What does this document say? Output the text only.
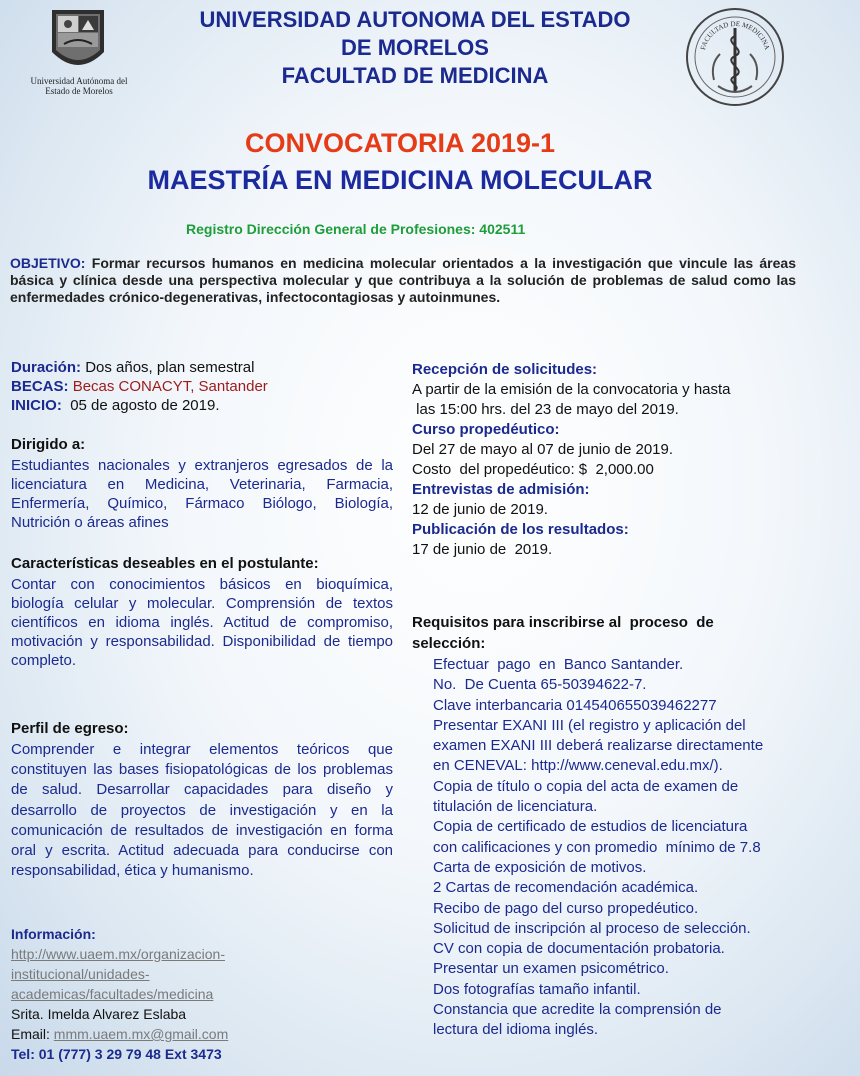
Universidad Autónoma del
Estado de Morelos
UNIVERSIDAD AUTONOMA DEL ESTADO
DE MORELOS
FACULTAD DE MEDICINA
FACULTAD DE MEDICINA
CONVOCATORIA 2019-1
MAESTRÍA EN MEDICINA MOLECULAR
Registro Dirección General de Profesiones: 402511
OBJETIVO: Formar recursos humanos en medicina molecular orientados a la investigación que vincule las áreas básica y clínica desde una perspectiva molecular y que contribuya a la solución de problemas de salud como las enfermedades crónico-degenerativas, infectocontagiosas y autoinmunes.
Duración: Dos años, plan semestral
BECAS: Becas CONACYT, Santander
INICIO: 05 de agosto de 2019.
Dirigido a:
Estudiantes nacionales y extranjeros egresados de la licenciatura en Medicina, Veterinaria, Farmacia, Enfermería, Químico, Fármaco Biólogo, Biología, Nutrición o áreas afines
Características deseables en el postulante:
Contar con conocimientos básicos en bioquímica, biología celular y molecular. Comprensión de textos científicos en idioma inglés. Actitud de compromiso, motivación y responsabilidad. Disponibilidad de tiempo completo.
Perfil de egreso:
Comprender e integrar elementos teóricos que constituyen las bases fisiopatológicas de los problemas de salud. Desarrollar capacidades para diseño y desarrollo de proyectos de investigación y en la comunicación de resultados de investigación en forma oral y escrita. Actitud adecuada para conducirse con responsabilidad, ética y humanismo.
Información:
http://www.uaem.mx/organizacion-
institucional/unidades-
academicas/facultades/medicina
Srita. Imelda Alvarez Eslaba
Email: mmm.uaem.mx@gmail.com
Tel: 01 (777) 3 29 79 48 Ext 3473
Recepción de solicitudes:
A partir de la emisión de la convocatoria y hasta
las 15:00 hrs. del 23 de mayo del 2019.
Curso propedéutico:
Del 27 de mayo al 07 de junio de 2019.
Costo  del propedéutico: $  2,000.00
Entrevistas de admisión:
12 de junio de 2019.
Publicación de los resultados:
17 de junio de  2019.
Requisitos para inscribirse al  proceso  de
selección:
Efectuar  pago  en  Banco Santander.
No.  De Cuenta 65-50394622-7.
Clave interbancaria 014540655039462277
Presentar EXANI III (el registro y aplicación del
examen EXANI III deberá realizarse directamente
en CENEVAL: http://www.ceneval.edu.mx/).
Copia de título o copia del acta de examen de
titulación de licenciatura.
Copia de certificado de estudios de licenciatura
con calificaciones y con promedio  mínimo de 7.8
Carta de exposición de motivos.
2 Cartas de recomendación académica.
Recibo de pago del curso propedéutico.
Solicitud de inscripción al proceso de selección.
CV con copia de documentación probatoria.
Presentar un examen psicométrico.
Dos fotografías tamaño infantil.
Constancia que acredite la comprensión de
lectura del idioma inglés.
